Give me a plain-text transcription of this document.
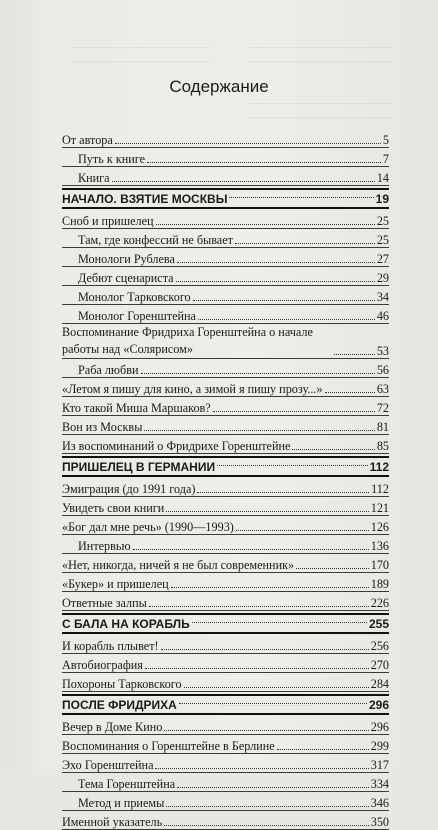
──────────────────
──────────────────
──────────────────
──────────────────
──────────────────
──────────────────
────────────
Содержание
От автора	5
Путь к книге	7
Книга	14
НАЧАЛО. ВЗЯТИЕ МОСКВЫ	19
Сноб и пришелец	25
Там, где конфессий не бывает	25
Монологи Рублева	27
Дебют сценариста	29
Монолог Тарковского	34
Монолог Горенштейна	46
Воспоминание Фридриха Горенштейна о начале работы над «Солярисом»	53
Раба любви	56
«Летом я пишу для кино, а зимой я пишу прозу...»	63
Кто такой Миша Маршаков?	72
Вон из Москвы	81
Из воспоминаний о Фридрихе Горенштейне	85
ПРИШЕЛЕЦ В ГЕРМАНИИ	112
Эмиграция (до 1991 года)	112
Увидеть свои книги	121
«Бог дал мне речь» (1990—1993)	126
Интервью	136
«Нет, никогда, ничей я не был современник»	170
«Букер» и пришелец	189
Ответные залпы	226
С БАЛА НА КОРАБЛЬ	255
И корабль плывет!	256
Автобиография	270
Похороны Тарковского	284
ПОСЛЕ ФРИДРИХА	296
Вечер в Доме Кино	296
Воспоминания о Горенштейне в Берлине	299
Эхо Горенштейна	317
Тема Горенштейна	334
Метод и приемы	346
Именной указатель	350
